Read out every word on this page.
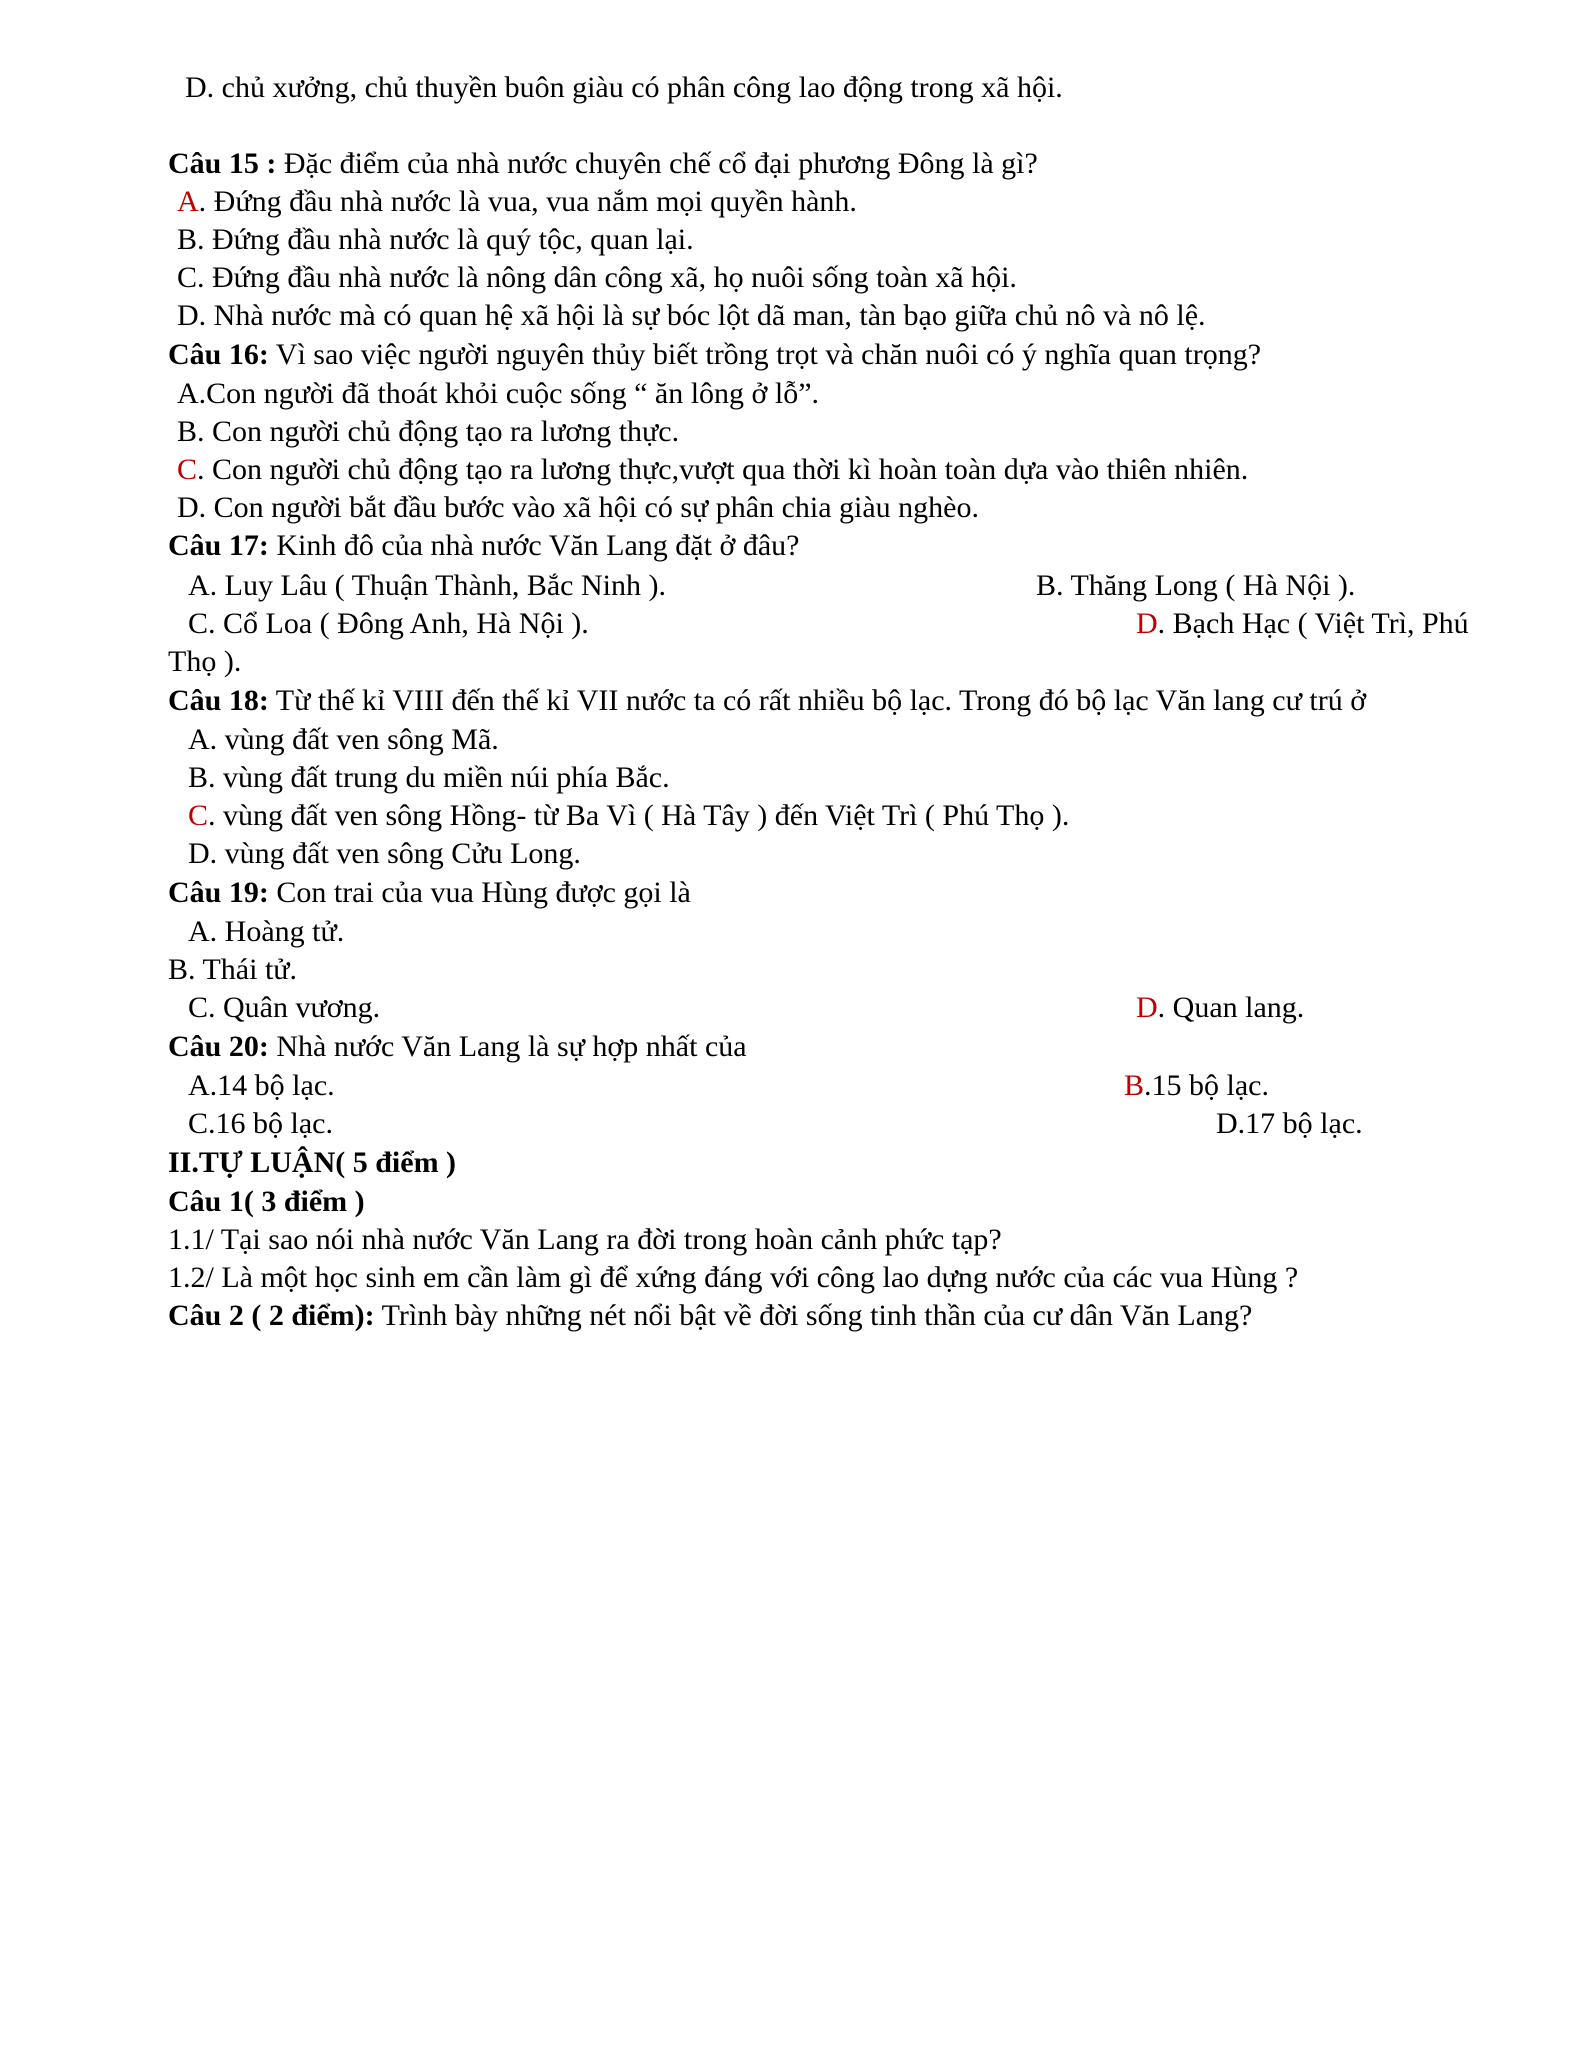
D. chủ xưởng, chủ thuyền buôn giàu có phân công lao động trong xã hội.
Câu 15 : Đặc điểm của nhà nước chuyên chế cổ đại phương Đông là gì?
A. Đứng đầu nhà nước là vua, vua nắm mọi quyền hành.
B. Đứng đầu nhà nước là quý tộc, quan lại.
C. Đứng đầu nhà nước là nông dân công xã, họ nuôi sống toàn xã hội.
D. Nhà nước mà có quan hệ xã hội là sự bóc lột dã man, tàn bạo giữa chủ nô và nô lệ.
Câu 16: Vì sao việc người nguyên thủy biết trồng trọt và chăn nuôi có ý nghĩa quan trọng?
A.Con người đã thoát khỏi cuộc sống “ ăn lông ở lỗ”.
B. Con người chủ động tạo ra lương thực.
C. Con người chủ động tạo ra lương thực,vượt qua thời kì hoàn toàn dựa vào thiên nhiên.
D. Con người bắt đầu bước vào xã hội có sự phân chia giàu nghèo.
Câu 17: Kinh đô của nhà nước Văn Lang đặt ở đâu?
A. Luy Lâu ( Thuận Thành, Bắc Ninh ).	B. Thăng Long ( Hà Nội ).
C. Cổ Loa ( Đông Anh, Hà Nội ).	D. Bạch Hạc ( Việt Trì, Phú
Thọ ).
Câu 18: Từ thế kỉ VIII đến thế kỉ VII nước ta có rất nhiều bộ lạc. Trong đó bộ lạc Văn lang cư trú ở
A. vùng đất ven sông Mã.
B. vùng đất trung du miền núi phía Bắc.
C. vùng đất ven sông Hồng- từ Ba Vì ( Hà Tây ) đến Việt Trì ( Phú Thọ ).
D. vùng đất ven sông Cửu Long.
Câu 19: Con trai của vua Hùng được gọi là
A. Hoàng tử.
B. Thái tử.
C. Quân vương.	D. Quan lang.
Câu 20: Nhà nước Văn Lang là sự hợp nhất của
A.14 bộ lạc.	B.15 bộ lạc.
C.16 bộ lạc.	D.17 bộ lạc.
II.TỰ LUẬN( 5 điểm )
Câu 1( 3 điểm )
1.1/ Tại sao nói nhà nước Văn Lang ra đời trong hoàn cảnh phức tạp?
1.2/ Là một học sinh em cần làm gì để xứng đáng với công lao dựng nước của các vua Hùng ?
Câu 2 ( 2 điểm): Trình bày những nét nổi bật về đời sống tinh thần của cư dân Văn Lang?
